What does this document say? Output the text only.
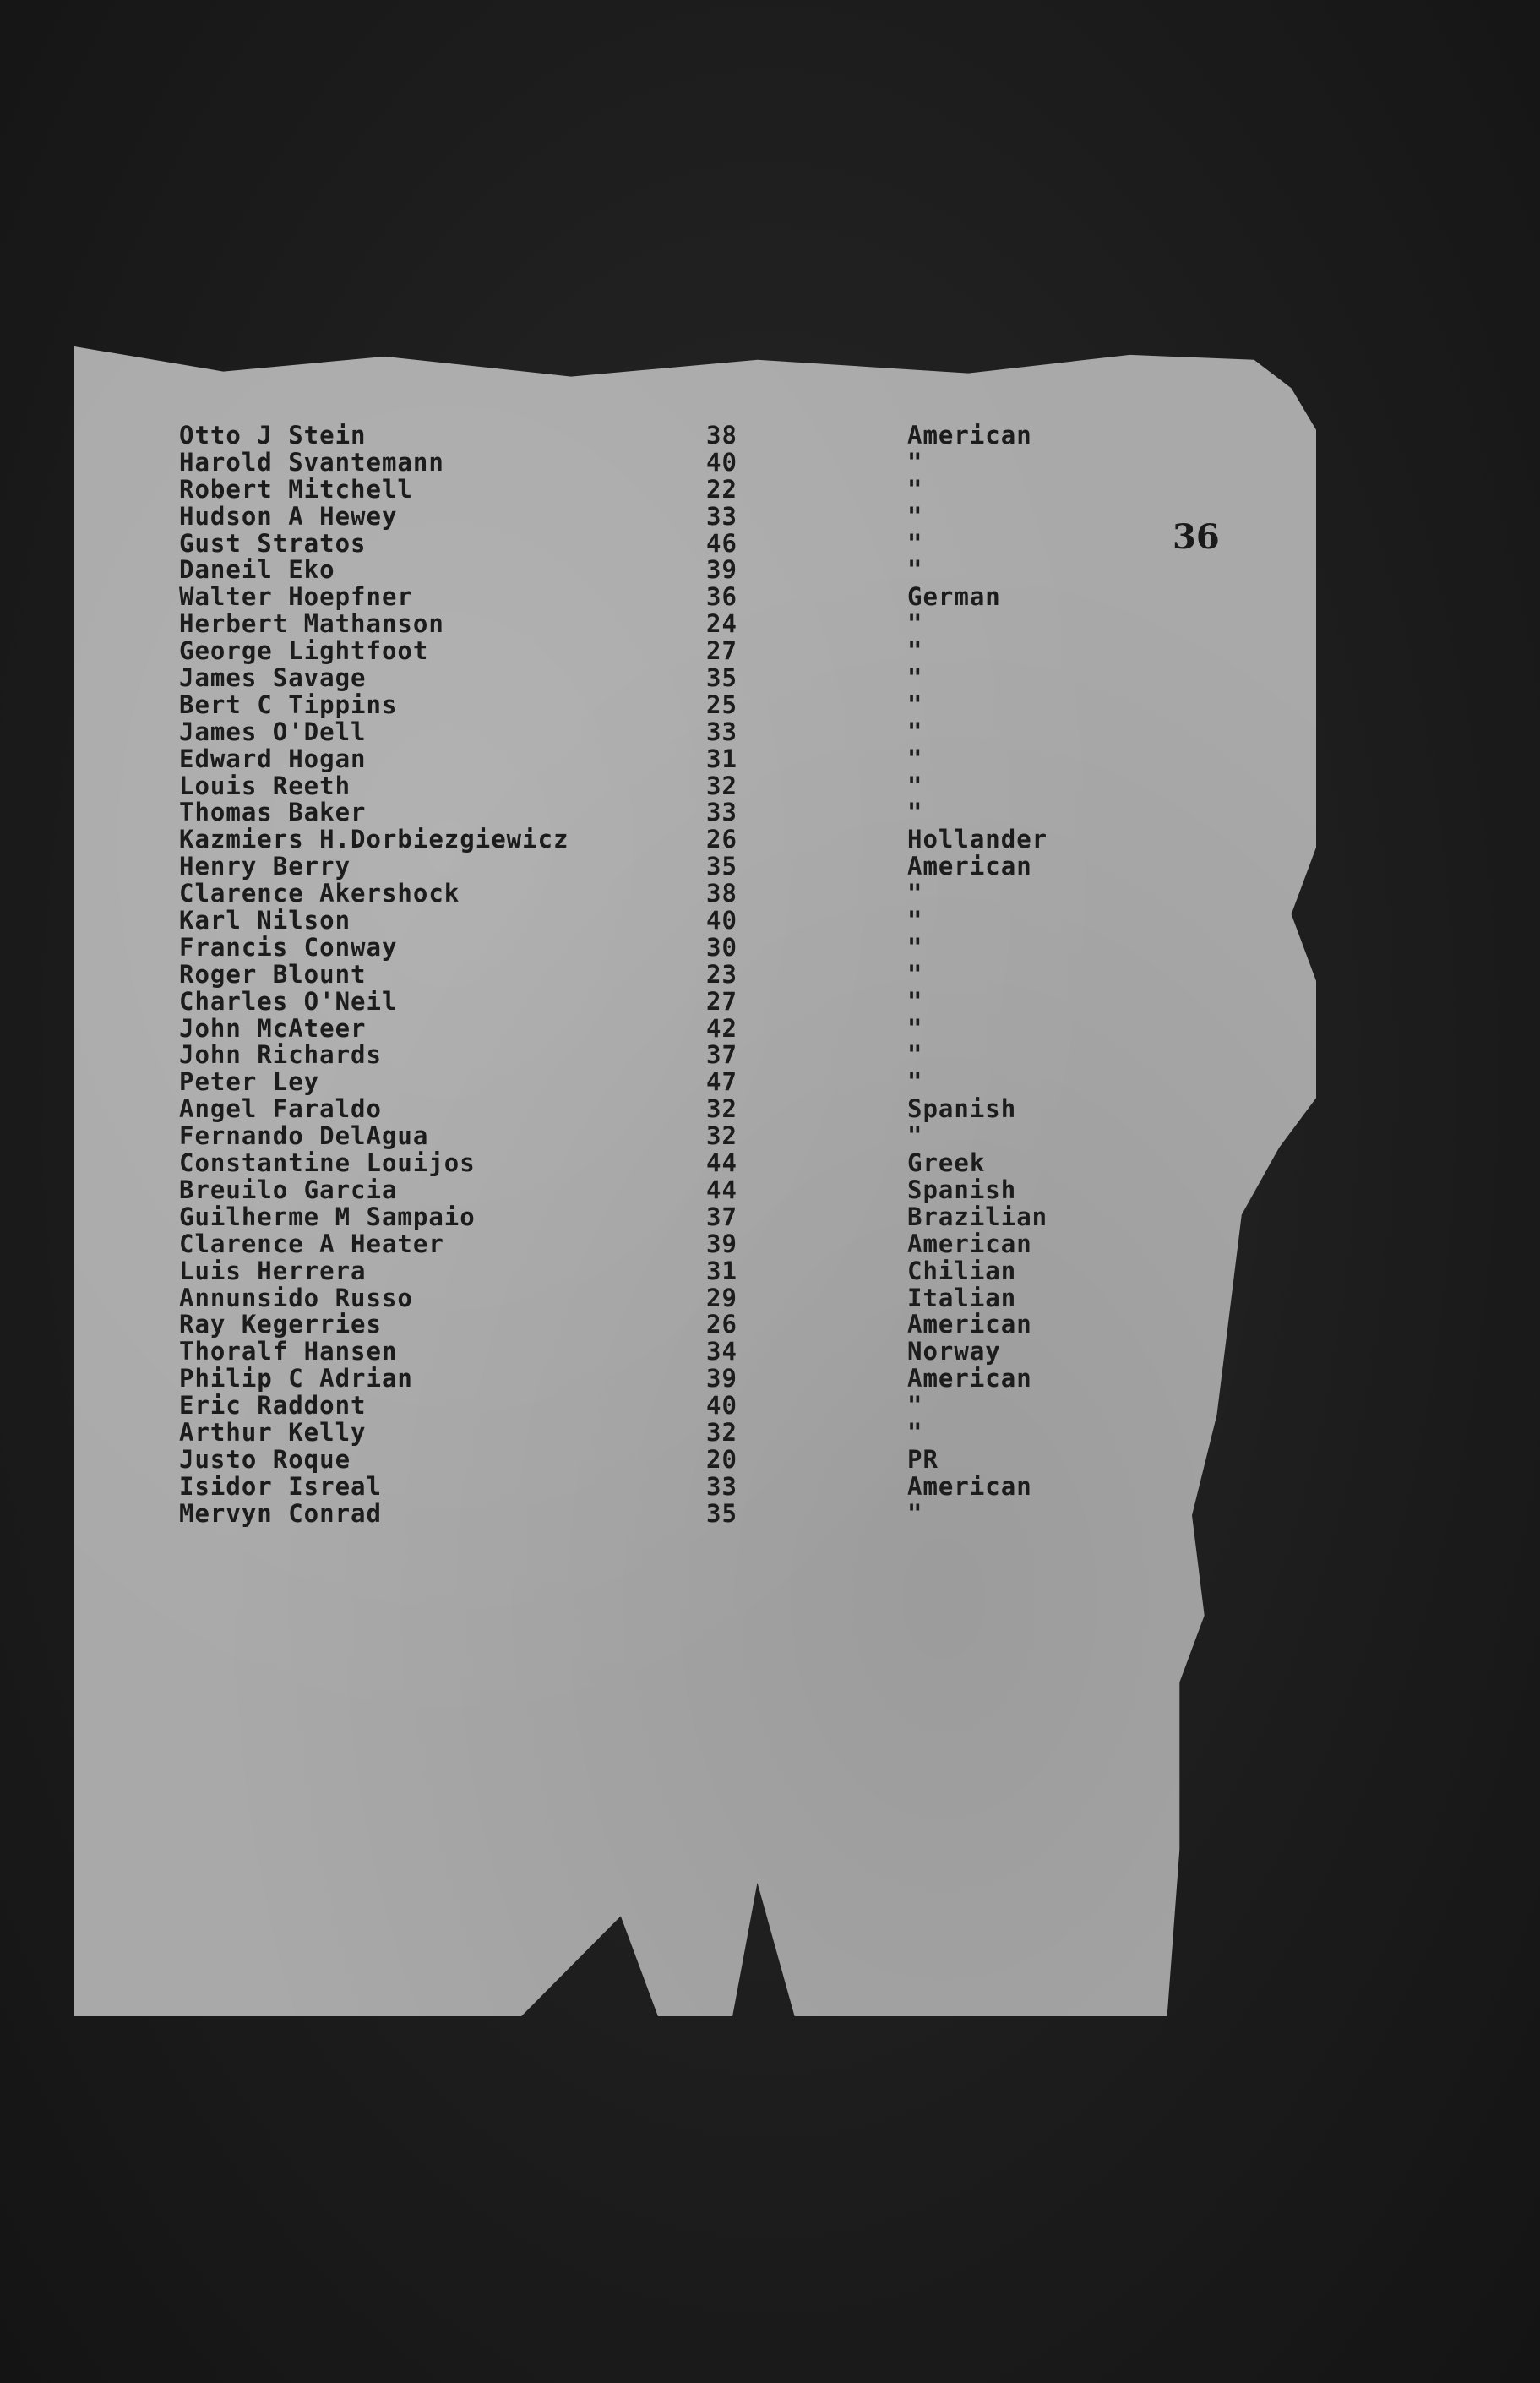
36

Otto J Stein	38	American
Harold Svantemann	40	"
Robert Mitchell	22	"
Hudson A Hewey	33	"
Gust Stratos	46	"
Daneil Eko	39	"
Walter Hoepfner	36	German
Herbert Mathanson	24	"
George Lightfoot	27	"
James Savage	35	"
Bert C Tippins	25	"
James O'Dell	33	"
Edward Hogan	31	"
Louis Reeth	32	"
Thomas Baker	33	"
Kazmiers H.Dorbiezgiewicz	26	Hollander
Henry Berry	35	American
Clarence Akershock	38	"
Karl Nilson	40	"
Francis Conway	30	"
Roger Blount	23	"
Charles O'Neil	27	"
John McAteer	42	"
John Richards	37	"
Peter Ley	47	"
Angel Faraldo	32	Spanish
Fernando DelAgua	32	"
Constantine Louijos	44	Greek
Breuilo Garcia	44	Spanish
Guilherme M Sampaio	37	Brazilian
Clarence A Heater	39	American
Luis Herrera	31	Chilian
Annunsido Russo	29	Italian
Ray Kegerries	26	American
Thoralf Hansen	34	Norway
Philip C Adrian	39	American
Eric Raddont	40	"
Arthur Kelly	32	"
Justo Roque	20	PR
Isidor Isreal	33	American
Mervyn Conrad	35	"
